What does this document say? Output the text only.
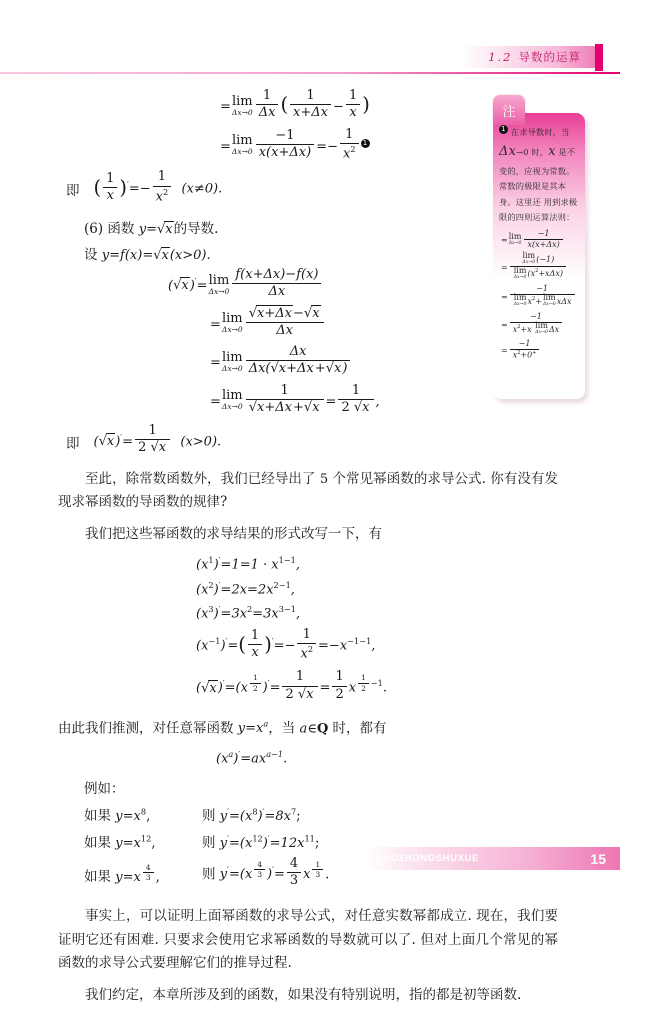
1.2 导数的运算
注
1 在求导数时，当 Δx→0 时，x 是不变的，应视为常数。 常数的极限是其本身。这里还 用到求极限的四则运算法则：
= lim
$\Delta x\to 0 \frac{-1}{x(x+\Delta x)}$
= lim
Δx→0 (−1)
lim
Δx→0 $(x^2+x\Delta x)$
= −1
lim
Δx→0 $x^2+ \lim$
Δx→0 xΔx
= −1
$x^2+x$ lim
Δx→0 Δx
= $\frac{-1}{x^2+0^+}$
= lim
$\Delta x\to 0 \frac{1}{\Delta x}$ ( $\frac{1}{x+\Delta x} - \frac{1}{x}$ )
= lim
$\Delta x\to 0 \frac{-1}{x(x+\Delta x)} =- \frac{1}{x^2} 1$
即 ( $\frac{1}{x} )'=- \frac{1}{x^2} (x\ne 0)$.
(6) 函数 y=√x的导数.
设 y=f(x)=√x(x>0).
(√x)′= lim
$\Delta x\to 0 \frac{f(x+\Delta x)-f(x)}{\Delta x}$
= lim
$\Delta x\to 0 \frac{√x+\Delta x-√x}{\Delta x}$
= lim
$\Delta x\to 0 \frac{\Delta x}{\Delta x(√x+\Delta x+√x)}$
= lim
$\Delta x\to 0 \frac{1}{√x+\Delta x+√x} = \frac{1}{2 √x}$ ,
即 $(√x)'= \frac{1}{2 √x} (x>0)$.

至此，除常数函数外，我们已经导出了 5 个常见幂函数的求导公式. 你有没有发现求幂函数的导函数的规律?

我们把这些幂函数的求导结果的形式改写一下，有

$(x^1)'=1=1 \cdot x^{1-1}$,
$(x^2)'=2x=2x^{2-1}$,
$(x^3)'=3x^2=3x^{3-1}$,
$(x^{-1})'=( \frac{1}{x} )'=- \frac{1}{x^2} =-x^{-1-1}$,
(√x)′=(x $^{\frac{1}{2}}$ )$'= \frac{1}{2 √x} = \frac{1}{2}$ x $^{\frac{1}{2} -1}$.

由此我们推测，对任意幂函数 $y=x^a$，当 a∈Q 时，都有

$(x^a)'=ax^{a-1}$.
例如：
如果 $y=x^8$,	则 $y'=(x^8)'=8x^7$;
如果 $y=x^{12}$,	则 $y'=(x^{12})'=12x^{11}$;
如果 y=x $^{\frac{4}{3}}$ ,	则 y′=(x $^{\frac{4}{3}}$ )$'= \frac{4}{3}$ x $^{\frac{1}{3}}$ .

事实上，可以证明上面幂函数的求导公式，对任意实数幂都成立. 现在，我们要证明它还有困难. 只要求会使用它求幂函数的导数就可以了. 但对上面几个常见的幂函数的求导公式要理解它们的推导过程.

我们约定，本章所涉及到的函数，如果没有特别说明，指的都是初等函数.

GAOZHONGSHUXUE	15
